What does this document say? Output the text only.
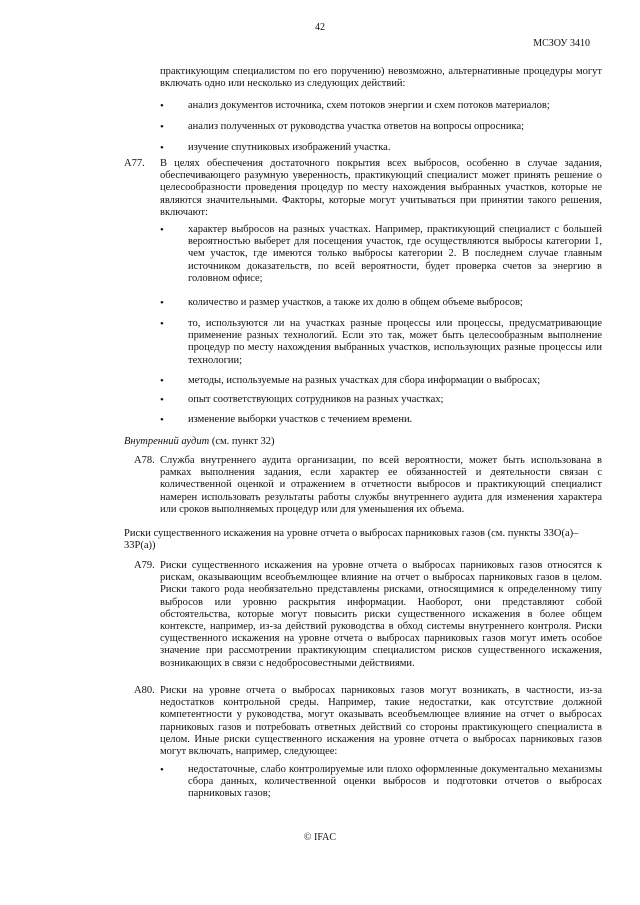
42
МСЗОУ 3410
практикующим специалистом по его поручению) невозможно, альтернативные процедуры могут включать одно или несколько из следующих действий:
• анализ документов источника, схем потоков энергии и схем потоков материалов;
• анализ полученных от руководства участка ответов на вопросы опросника;
• изучение спутниковых изображений участка.
A77. В целях обеспечения достаточного покрытия всех выбросов, особенно в случае задания, обеспечивающего разумную уверенность, практикующий специалист может принять решение о целесообразности проведения процедур по месту нахождения выбранных участков, которые не являются значительными. Факторы, которые могут учитываться при принятии такого решения, включают:
• характер выбросов на разных участках. Например, практикующий специалист с большей вероятностью выберет для посещения участок, где осуществляются выбросы категории 1, чем участок, где имеются только выбросы категории 2. В последнем случае главным источником доказательств, по всей вероятности, будет проверка счетов за энергию в головном офисе;
• количество и размер участков, а также их долю в общем объеме выбросов;
• то, используются ли на участках разные процессы или процессы, предусматривающие применение разных технологий. Если это так, может быть целесообразным выполнение процедур по месту нахождения выбранных участков, использующих разные процессы или технологии;
• методы, используемые на разных участках для сбора информации о выбросах;
• опыт соответствующих сотрудников на разных участках;
• изменение выборки участков с течением времени.
Внутренний аудит (см. пункт 32)
A78. Служба внутреннего аудита организации, по всей вероятности, может быть использована в рамках выполнения задания, если характер ее обязанностей и деятельности связан с количественной оценкой и отражением в отчетности выбросов и практикующий специалист намерен использовать результаты работы службы внутреннего аудита для изменения характера или сроков выполняемых процедур или для уменьшения их объема.
Риски существенного искажения на уровне отчета о выбросах парниковых газов (см. пункты 33О(а)–33Р(а))
A79. Риски существенного искажения на уровне отчета о выбросах парниковых газов относятся к рискам, оказывающим всеобъемлющее влияние на отчет о выбросах парниковых газов в целом. Риски такого рода необязательно представлены рисками, относящимися к определенному типу выбросов или уровню раскрытия информации. Наоборот, они представляют собой обстоятельства, которые могут повысить риски существенного искажения в более общем контексте, например, из-за действий руководства в обход системы внутреннего контроля. Риски существенного искажения на уровне отчета о выбросах парниковых газов могут иметь особое значение при рассмотрении практикующим специалистом рисков существенного искажения, возникающих в связи с недобросовестными действиями.
A80. Риски на уровне отчета о выбросах парниковых газов могут возникать, в частности, из-за недостатков контрольной среды. Например, такие недостатки, как отсутствие должной компетентности у руководства, могут оказывать всеобъемлющее влияние на отчет о выбросах парниковых газов и потребовать ответных действий со стороны практикующего специалиста в целом. Иные риски существенного искажения на уровне отчета о выбросах парниковых газов могут включать, например, следующее:
• недостаточные, слабо контролируемые или плохо оформленные документально механизмы сбора данных, количественной оценки выбросов и подготовки отчетов о выбросах парниковых газов;
© IFAC
